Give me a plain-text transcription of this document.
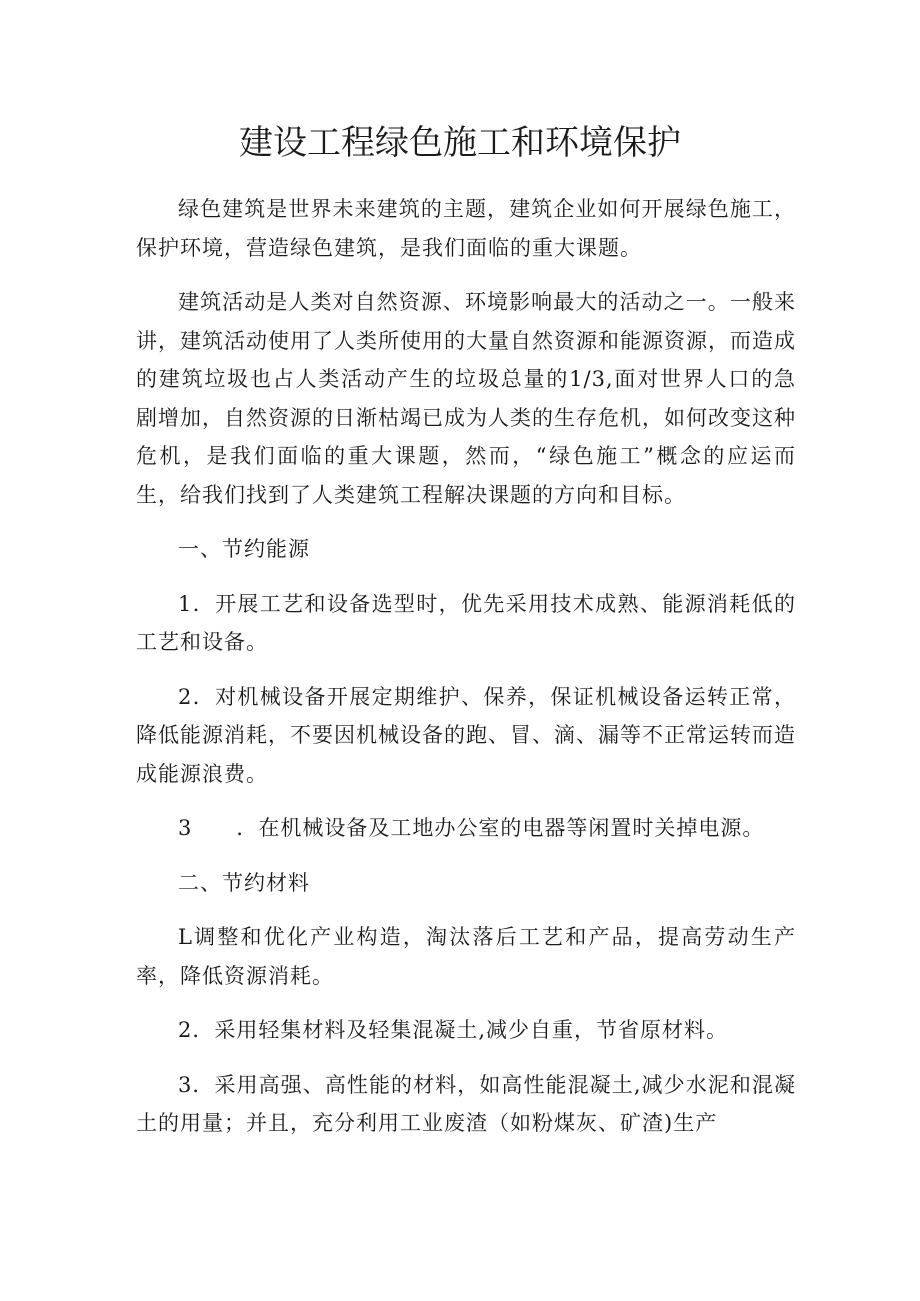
建设工程绿色施工和环境保护

绿色建筑是世界未来建筑的主题，建筑企业如何开展绿色施工，保护环境，营造绿色建筑，是我们面临的重大课题。

建筑活动是人类对自然资源、环境影响最大的活动之一。一般来讲，建筑活动使用了人类所使用的大量自然资源和能源资源，而造成的建筑垃圾也占人类活动产生的垃圾总量的1/3,面对世界人口的急剧增加，自然资源的日渐枯竭已成为人类的生存危机，如何改变这种危机，是我们面临的重大课题，然而，“绿色施工”概念的应运而生，给我们找到了人类建筑工程解决课题的方向和目标。

一、节约能源

1．开展工艺和设备选型时，优先采用技术成熟、能源消耗低的工艺和设备。

2．对机械设备开展定期维护、保养，保证机械设备运转正常，降低能源消耗，不要因机械设备的跑、冒、滴、漏等不正常运转而造成能源浪费。

3　　．在机械设备及工地办公室的电器等闲置时关掉电源。

二、节约材料

L调整和优化产业构造，淘汰落后工艺和产品，提高劳动生产率，降低资源消耗。

2．采用轻集材料及轻集混凝土,减少自重，节省原材料。

3．采用高强、高性能的材料，如高性能混凝土,减少水泥和混凝土的用量；并且，充分利用工业废渣（如粉煤灰、矿渣)生产
